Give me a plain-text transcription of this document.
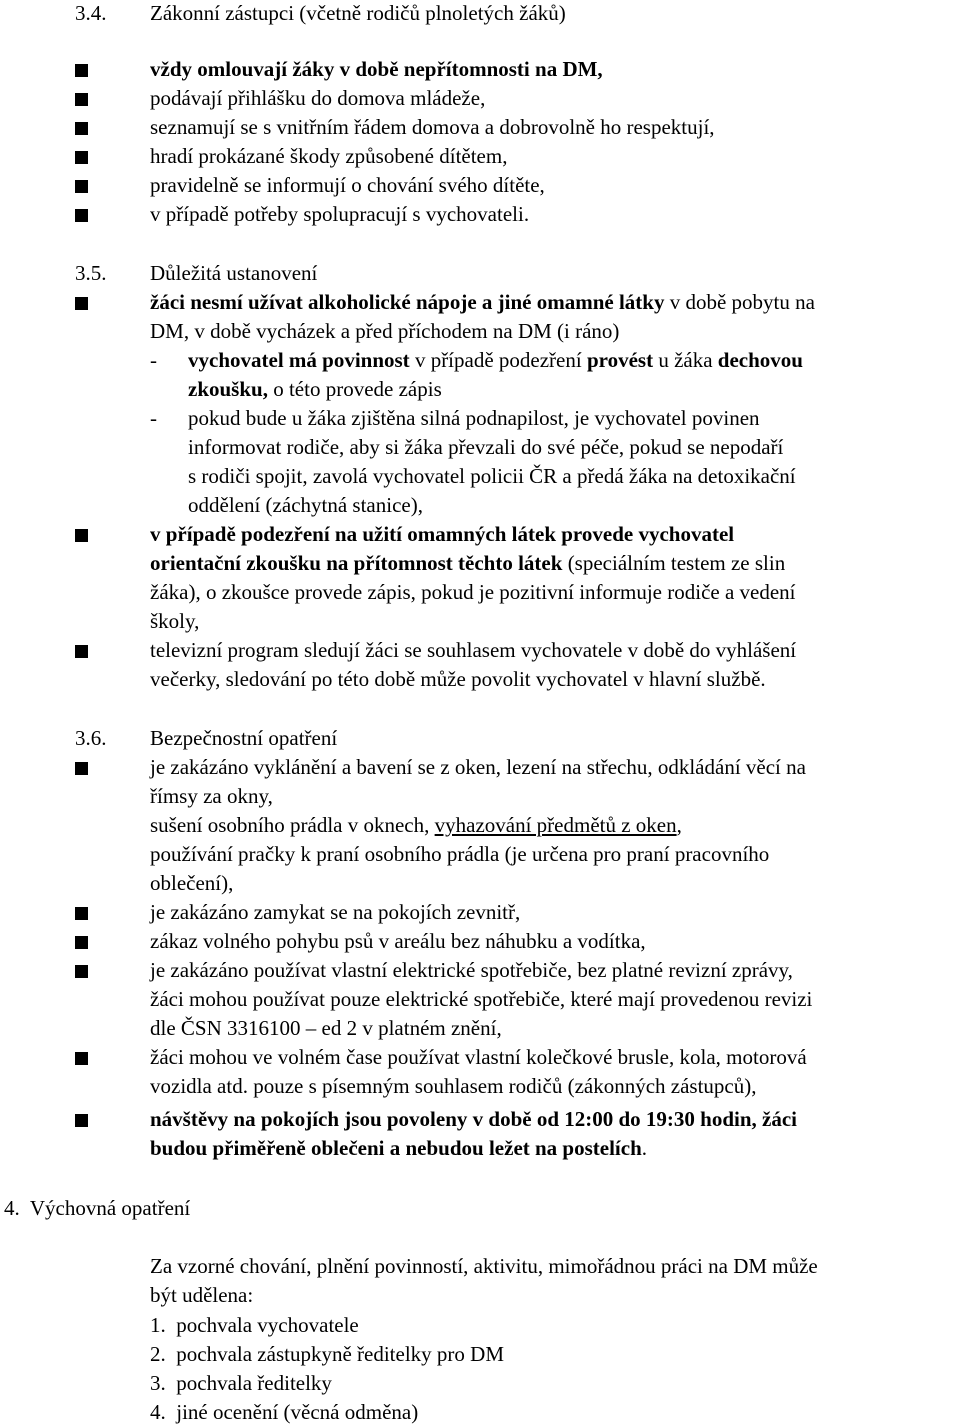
3.4. Zákonní zástupci (včetně rodičů plnoletých žáků)
vždy omlouvají žáky v době nepřítomnosti na DM,
podávají přihlášku do domova mládeže,
seznamují se s vnitřním řádem domova a dobrovolně ho respektují,
hradí prokázané škody způsobené dítětem,
pravidelně se informují o chování svého dítěte,
v případě potřeby spolupracují s vychovateli.
3.5. Důležitá ustanovení
žáci nesmí užívat alkoholické nápoje a jiné omamné látky v době pobytu na
DM, v době vycházek a před příchodem na DM (i ráno)
- vychovatel má povinnost v případě podezření provést u žáka dechovou
zkoušku, o této provede zápis
- pokud bude u žáka zjištěna silná podnapilost, je vychovatel povinen
informovat rodiče, aby si žáka převzali do své péče, pokud se nepodaří
s rodiči spojit, zavolá vychovatel policii ČR a předá žáka na detoxikační
oddělení (záchytná stanice),
v případě podezření na užití omamných látek provede vychovatel
orientační zkoušku na přítomnost těchto látek (speciálním testem ze slin
žáka), o zkoušce provede zápis, pokud je pozitivní informuje rodiče a vedení
školy,
televizní program sledují žáci se souhlasem vychovatele v době do vyhlášení
večerky, sledování po této době může povolit vychovatel v hlavní službě.
3.6. Bezpečnostní opatření
je zakázáno vyklánění a bavení se z oken, lezení na střechu, odkládání věcí na
římsy za okny,
sušení osobního prádla v oknech, vyhazování předmětů z oken,
používání pračky k praní osobního prádla (je určena pro praní pracovního
oblečení),
je zakázáno zamykat se na pokojích zevnitř,
zákaz volného pohybu psů v areálu bez náhubku a vodítka,
je zakázáno používat vlastní elektrické spotřebiče, bez platné revizní zprávy,
žáci mohou používat pouze elektrické spotřebiče, které mají provedenou revizi
dle ČSN 3316100 – ed 2 v platném znění,
žáci mohou ve volném čase používat vlastní kolečkové brusle, kola, motorová
vozidla atd. pouze s písemným souhlasem rodičů (zákonných zástupců),
návštěvy na pokojích jsou povoleny v době od 12:00 do 19:30 hodin, žáci
budou přiměřeně oblečeni a nebudou ležet na postelích.
4.  Výchovná opatření
Za vzorné chování, plnění povinností, aktivitu, mimořádnou práci na DM může
být udělena:
1.  pochvala vychovatele
2.  pochvala zástupkyně ředitelky pro DM
3.  pochvala ředitelky
4.  jiné ocenění (věcná odměna)
